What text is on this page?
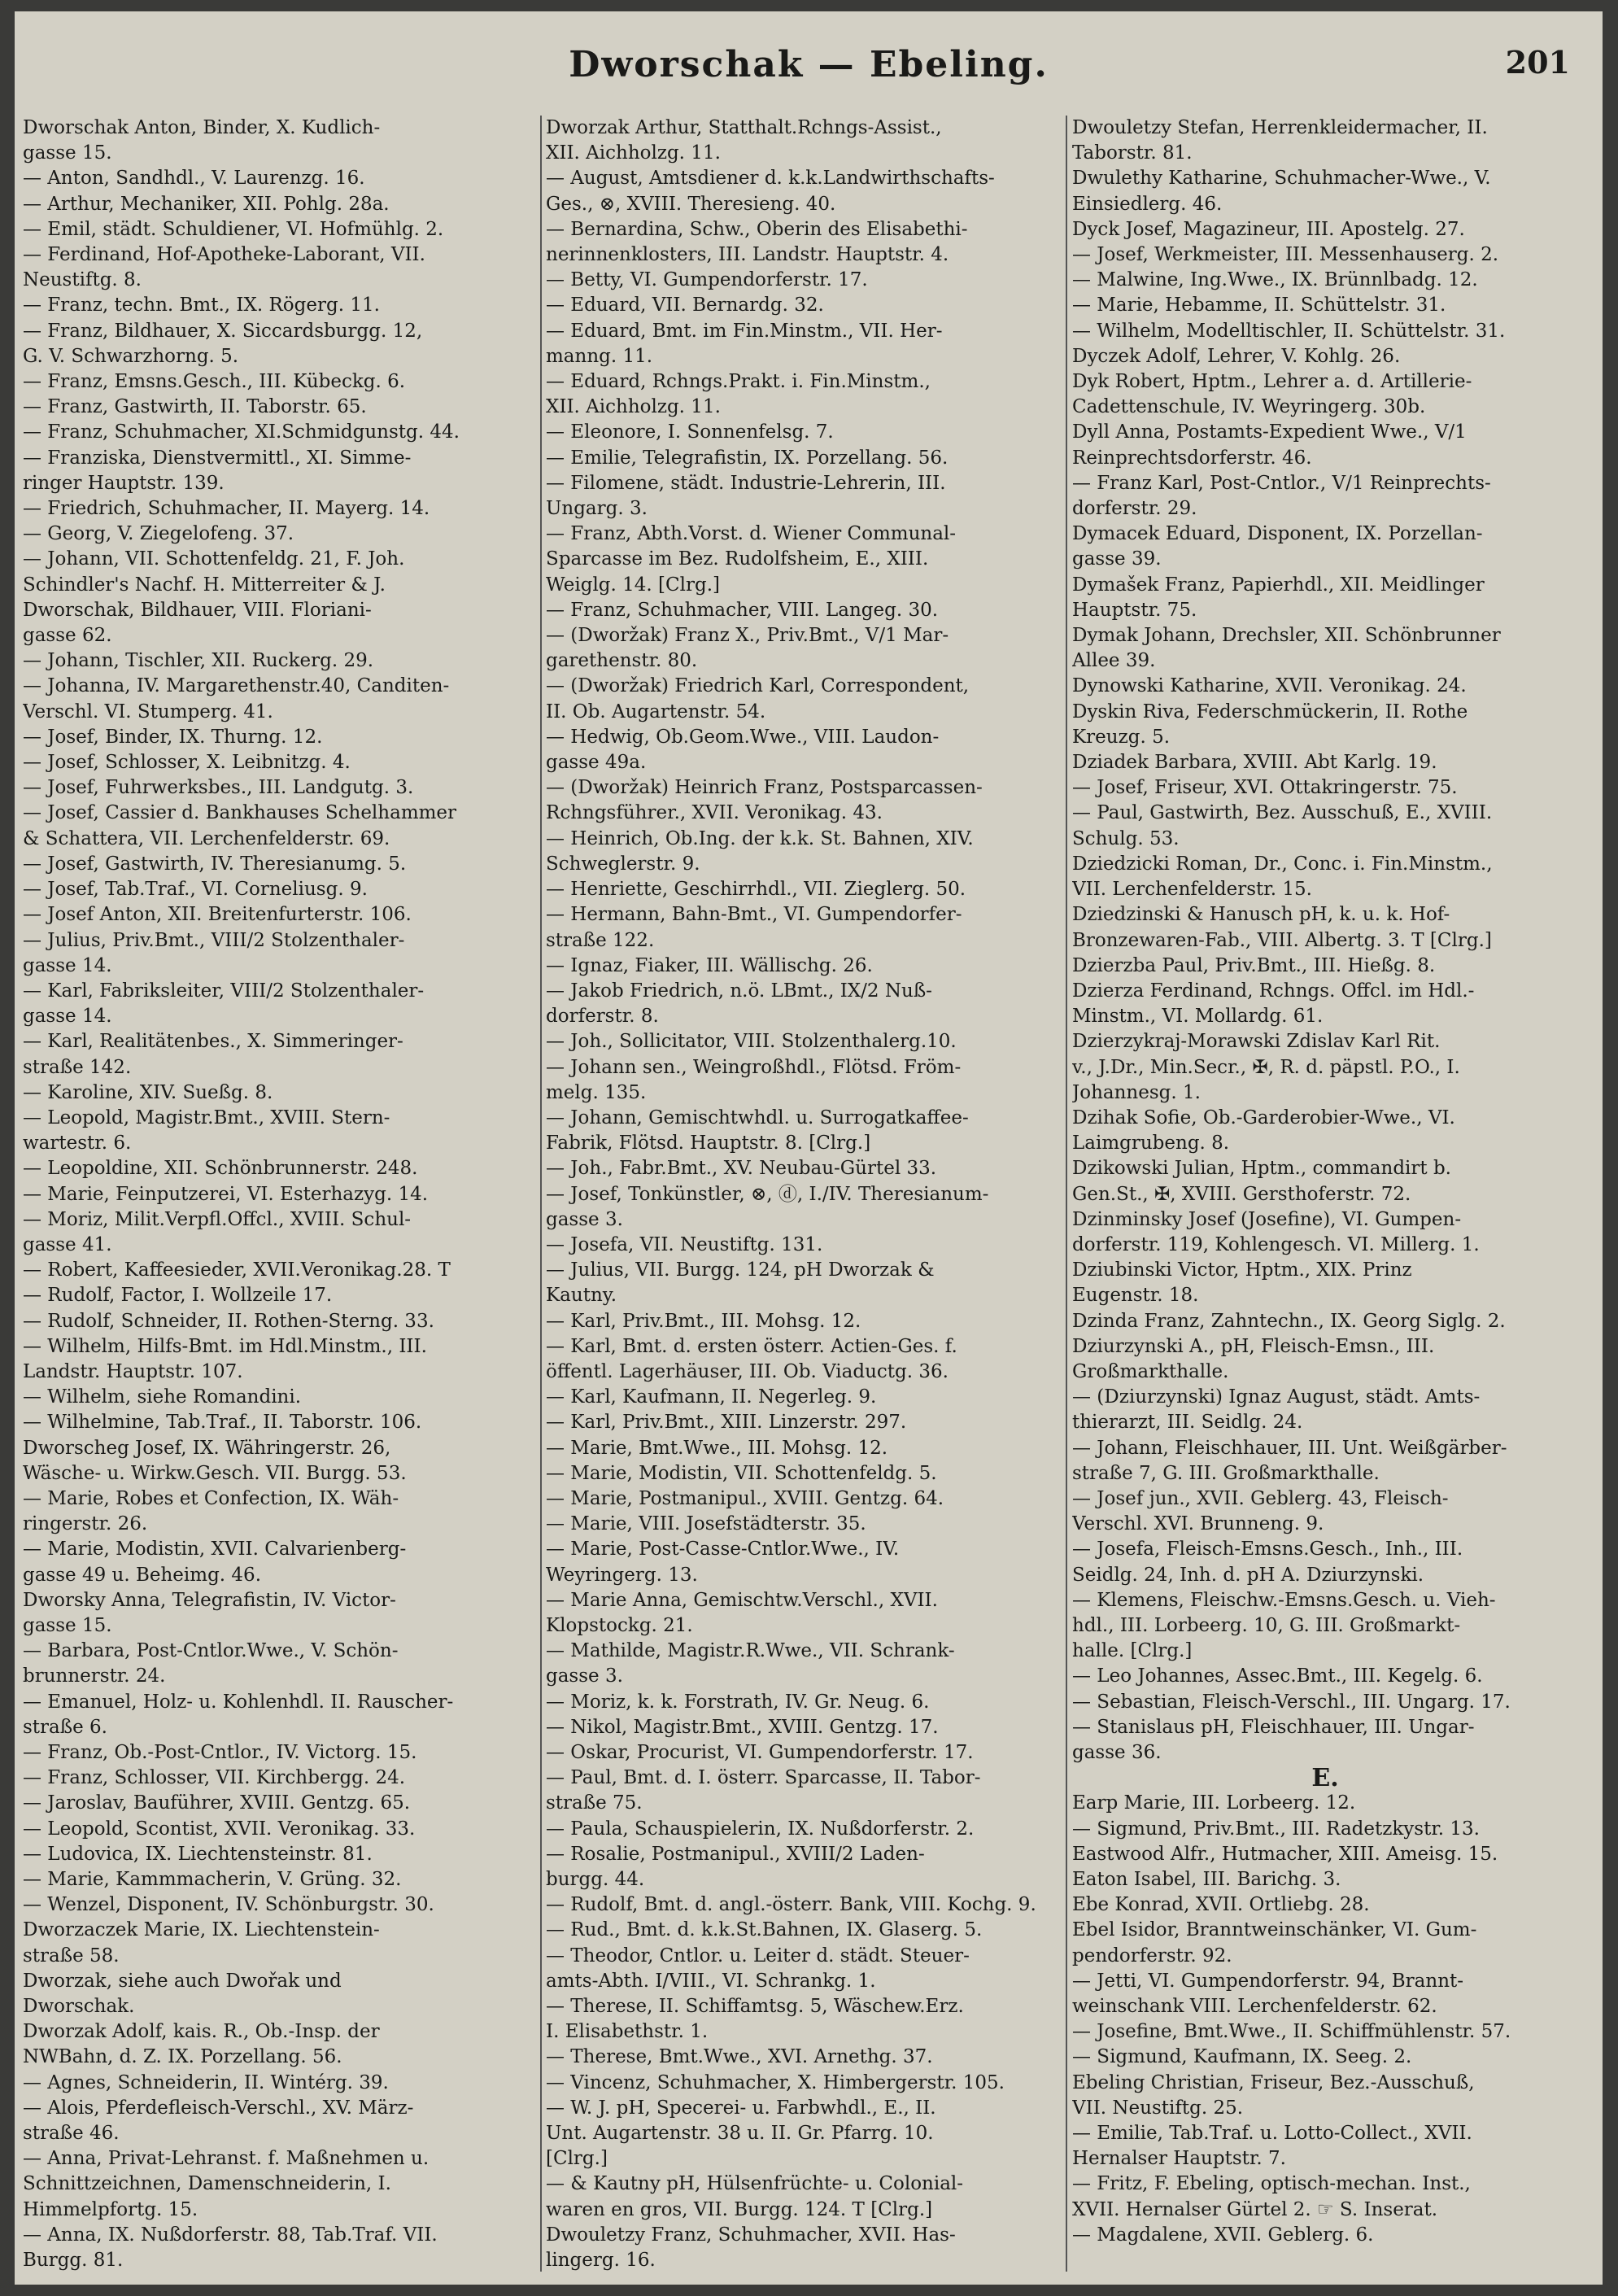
Dworschak — Ebeling.	201
Dworschak Anton, Binder, X. Kudlich-
gasse 15.
— Anton, Sandhdl., V. Laurenzg. 16.
— Arthur, Mechaniker, XII. Pohlg. 28a.
— Emil, städt. Schuldiener, VI. Hofmühlg. 2.
— Ferdinand, Hof-Apotheke-Laborant, VII.
Neustiftg. 8.
— Franz, techn. Bmt., IX. Rögerg. 11.
— Franz, Bildhauer, X. Siccardsburgg. 12,
G. V. Schwarzhorng. 5.
— Franz, Emsns.Gesch., III. Kübeckg. 6.
— Franz, Gastwirth, II. Taborstr. 65.
— Franz, Schuhmacher, XI.Schmidgunstg. 44.
— Franziska, Dienstvermittl., XI. Simme-
ringer Hauptstr. 139.
— Friedrich, Schuhmacher, II. Mayerg. 14.
— Georg, V. Ziegelofeng. 37.
— Johann, VII. Schottenfeldg. 21, F. Joh.
Schindler's Nachf. H. Mitterreiter & J.
Dworschak, Bildhauer, VIII. Floriani-
gasse 62.
— Johann, Tischler, XII. Ruckerg. 29.
— Johanna, IV. Margarethenstr.40, Canditen-
Verschl. VI. Stumperg. 41.
— Josef, Binder, IX. Thurng. 12.
— Josef, Schlosser, X. Leibnitzg. 4.
— Josef, Fuhrwerksbes., III. Landgutg. 3.
— Josef, Cassier d. Bankhauses Schelhammer
& Schattera, VII. Lerchenfelderstr. 69.
— Josef, Gastwirth, IV. Theresianumg. 5.
— Josef, Tab.Traf., VI. Corneliusg. 9.
— Josef Anton, XII. Breitenfurterstr. 106.
— Julius, Priv.Bmt., VIII/2 Stolzenthaler-
gasse 14.
— Karl, Fabriksleiter, VIII/2 Stolzenthaler-
gasse 14.
— Karl, Realitätenbes., X. Simmeringer-
straße 142.
— Karoline, XIV. Sueßg. 8.
— Leopold, Magistr.Bmt., XVIII. Stern-
wartestr. 6.
— Leopoldine, XII. Schönbrunnerstr. 248.
— Marie, Feinputzerei, VI. Esterhazyg. 14.
— Moriz, Milit.Verpfl.Offcl., XVIII. Schul-
gasse 41.
— Robert, Kaffeesieder, XVII.Veronikag.28. T
— Rudolf, Factor, I. Wollzeile 17.
— Rudolf, Schneider, II. Rothen-Sterng. 33.
— Wilhelm, Hilfs-Bmt. im Hdl.Minstm., III.
Landstr. Hauptstr. 107.
— Wilhelm, siehe Romandini.
— Wilhelmine, Tab.Traf., II. Taborstr. 106.
Dworscheg Josef, IX. Währingerstr. 26,
Wäsche- u. Wirkw.Gesch. VII. Burgg. 53.
— Marie, Robes et Confection, IX. Wäh-
ringerstr. 26.
— Marie, Modistin, XVII. Calvarienberg-
gasse 49 u. Beheimg. 46.
Dworsky Anna, Telegrafistin, IV. Victor-
gasse 15.
— Barbara, Post-Cntlor.Wwe., V. Schön-
brunnerstr. 24.
— Emanuel, Holz- u. Kohlenhdl. II. Rauscher-
straße 6.
— Franz, Ob.-Post-Cntlor., IV. Victorg. 15.
— Franz, Schlosser, VII. Kirchbergg. 24.
— Jaroslav, Bauführer, XVIII. Gentzg. 65.
— Leopold, Scontist, XVII. Veronikag. 33.
— Ludovica, IX. Liechtensteinstr. 81.
— Marie, Kammmacherin, V. Grüng. 32.
— Wenzel, Disponent, IV. Schönburgstr. 30.
Dworzaczek Marie, IX. Liechtenstein-
straße 58.
Dworzak, siehe auch Dwořak und
Dworschak.
Dworzak Adolf, kais. R., Ob.-Insp. der
NWBahn, d. Z. IX. Porzellang. 56.
— Agnes, Schneiderin, II. Wintérg. 39.
— Alois, Pferdefleisch-Verschl., XV. März-
straße 46.
— Anna, Privat-Lehranst. f. Maßnehmen u.
Schnittzeichnen, Damenschneiderin, I.
Himmelpfortg. 15.
— Anna, IX. Nußdorferstr. 88, Tab.Traf. VII.
Burgg. 81.
Dworzak Arthur, Statthalt.Rchngs-Assist.,
XII. Aichholzg. 11.
— August, Amtsdiener d. k.k.Landwirthschafts-
Ges., ⊗, XVIII. Theresieng. 40.
— Bernardina, Schw., Oberin des Elisabethi-
nerinnenklosters, III. Landstr. Hauptstr. 4.
— Betty, VI. Gumpendorferstr. 17.
— Eduard, VII. Bernardg. 32.
— Eduard, Bmt. im Fin.Minstm., VII. Her-
manng. 11.
— Eduard, Rchngs.Prakt. i. Fin.Minstm.,
XII. Aichholzg. 11.
— Eleonore, I. Sonnenfelsg. 7.
— Emilie, Telegrafistin, IX. Porzellang. 56.
— Filomene, städt. Industrie-Lehrerin, III.
Ungarg. 3.
— Franz, Abth.Vorst. d. Wiener Communal-
Sparcasse im Bez. Rudolfsheim, E., XIII.
Weiglg. 14. [Clrg.]
— Franz, Schuhmacher, VIII. Langeg. 30.
— (Dworžak) Franz X., Priv.Bmt., V/1 Mar-
garethenstr. 80.
— (Dworžak) Friedrich Karl, Correspondent,
II. Ob. Augartenstr. 54.
— Hedwig, Ob.Geom.Wwe., VIII. Laudon-
gasse 49a.
— (Dworžak) Heinrich Franz, Postsparcassen-
Rchngsführer., XVII. Veronikag. 43.
— Heinrich, Ob.Ing. der k.k. St. Bahnen, XIV.
Schweglerstr. 9.
— Henriette, Geschirrhdl., VII. Zieglerg. 50.
— Hermann, Bahn-Bmt., VI. Gumpendorfer-
straße 122.
— Ignaz, Fiaker, III. Wällischg. 26.
— Jakob Friedrich, n.ö. LBmt., IX/2 Nuß-
dorferstr. 8.
— Joh., Sollicitator, VIII. Stolzenthalerg.10.
— Johann sen., Weingroßhdl., Flötsd. Fröm-
melg. 135.
— Johann, Gemischtwhdl. u. Surrogatkaffee-
Fabrik, Flötsd. Hauptstr. 8. [Clrg.]
— Joh., Fabr.Bmt., XV. Neubau-Gürtel 33.
— Josef, Tonkünstler, ⊗, ⓓ, I./IV. Theresianum-
gasse 3.
— Josefa, VII. Neustiftg. 131.
— Julius, VII. Burgg. 124, pH Dworzak &
Kautny.
— Karl, Priv.Bmt., III. Mohsg. 12.
— Karl, Bmt. d. ersten österr. Actien-Ges. f.
öffentl. Lagerhäuser, III. Ob. Viaductg. 36.
— Karl, Kaufmann, II. Negerleg. 9.
— Karl, Priv.Bmt., XIII. Linzerstr. 297.
— Marie, Bmt.Wwe., III. Mohsg. 12.
— Marie, Modistin, VII. Schottenfeldg. 5.
— Marie, Postmanipul., XVIII. Gentzg. 64.
— Marie, VIII. Josefstädterstr. 35.
— Marie, Post-Casse-Cntlor.Wwe., IV.
Weyringerg. 13.
— Marie Anna, Gemischtw.Verschl., XVII.
Klopstockg. 21.
— Mathilde, Magistr.R.Wwe., VII. Schrank-
gasse 3.
— Moriz, k. k. Forstrath, IV. Gr. Neug. 6.
— Nikol, Magistr.Bmt., XVIII. Gentzg. 17.
— Oskar, Procurist, VI. Gumpendorferstr. 17.
— Paul, Bmt. d. I. österr. Sparcasse, II. Tabor-
straße 75.
— Paula, Schauspielerin, IX. Nußdorferstr. 2.
— Rosalie, Postmanipul., XVIII/2 Laden-
burgg. 44.
— Rudolf, Bmt. d. angl.-österr. Bank, VIII. Kochg. 9.
— Rud., Bmt. d. k.k.St.Bahnen, IX. Glaserg. 5.
— Theodor, Cntlor. u. Leiter d. städt. Steuer-
amts-Abth. I/VIII., VI. Schrankg. 1.
— Therese, II. Schiffamtsg. 5, Wäschew.Erz.
I. Elisabethstr. 1.
— Therese, Bmt.Wwe., XVI. Arnethg. 37.
— Vincenz, Schuhmacher, X. Himbergerstr. 105.
— W. J. pH, Specerei- u. Farbwhdl., E., II.
Unt. Augartenstr. 38 u. II. Gr. Pfarrg. 10.
[Clrg.]
— & Kautny pH, Hülsenfrüchte- u. Colonial-
waren en gros, VII. Burgg. 124. T [Clrg.]
Dwouletzy Franz, Schuhmacher, XVII. Has-
lingerg. 16.
Dwouletzy Stefan, Herrenkleidermacher, II.
Taborstr. 81.
Dwulethy Katharine, Schuhmacher-Wwe., V.
Einsiedlerg. 46.
Dyck Josef, Magazineur, III. Apostelg. 27.
— Josef, Werkmeister, III. Messenhauserg. 2.
— Malwine, Ing.Wwe., IX. Brünnlbadg. 12.
— Marie, Hebamme, II. Schüttelstr. 31.
— Wilhelm, Modelltischler, II. Schüttelstr. 31.
Dyczek Adolf, Lehrer, V. Kohlg. 26.
Dyk Robert, Hptm., Lehrer a. d. Artillerie-
Cadettenschule, IV. Weyringerg. 30b.
Dyll Anna, Postamts-Expedient Wwe., V/1
Reinprechtsdorferstr. 46.
— Franz Karl, Post-Cntlor., V/1 Reinprechts-
dorferstr. 29.
Dymacek Eduard, Disponent, IX. Porzellan-
gasse 39.
Dymašek Franz, Papierhdl., XII. Meidlinger
Hauptstr. 75.
Dymak Johann, Drechsler, XII. Schönbrunner
Allee 39.
Dynowski Katharine, XVII. Veronikag. 24.
Dyskin Riva, Federschmückerin, II. Rothe
Kreuzg. 5.
Dziadek Barbara, XVIII. Abt Karlg. 19.
— Josef, Friseur, XVI. Ottakringerstr. 75.
— Paul, Gastwirth, Bez. Ausschuß, E., XVIII.
Schulg. 53.
Dziedzicki Roman, Dr., Conc. i. Fin.Minstm.,
VII. Lerchenfelderstr. 15.
Dziedzinski & Hanusch pH, k. u. k. Hof-
Bronzewaren-Fab., VIII. Albertg. 3. T [Clrg.]
Dzierzba Paul, Priv.Bmt., III. Hießg. 8.
Dzierza Ferdinand, Rchngs. Offcl. im Hdl.-
Minstm., VI. Mollardg. 61.
Dzierzykraj-Morawski Zdislav Karl Rit.
v., J.Dr., Min.Secr., ✠, R. d. päpstl. P.O., I.
Johannesg. 1.
Dzihak Sofie, Ob.-Garderobier-Wwe., VI.
Laimgrubeng. 8.
Dzikowski Julian, Hptm., commandirt b.
Gen.St., ✠, XVIII. Gersthoferstr. 72.
Dzinminsky Josef (Josefine), VI. Gumpen-
dorferstr. 119, Kohlengesch. VI. Millerg. 1.
Dziubinski Victor, Hptm., XIX. Prinz
Eugenstr. 18.
Dzinda Franz, Zahntechn., IX. Georg Siglg. 2.
Dziurzynski A., pH, Fleisch-Emsn., III.
Großmarkthalle.
— (Dziurzynski) Ignaz August, städt. Amts-
thierarzt, III. Seidlg. 24.
— Johann, Fleischhauer, III. Unt. Weißgärber-
straße 7, G. III. Großmarkthalle.
— Josef jun., XVII. Geblerg. 43, Fleisch-
Verschl. XVI. Brunneng. 9.
— Josefa, Fleisch-Emsns.Gesch., Inh., III.
Seidlg. 24, Inh. d. pH A. Dziurzynski.
— Klemens, Fleischw.-Emsns.Gesch. u. Vieh-
hdl., III. Lorbeerg. 10, G. III. Großmarkt-
halle. [Clrg.]
— Leo Johannes, Assec.Bmt., III. Kegelg. 6.
— Sebastian, Fleisch-Verschl., III. Ungarg. 17.
— Stanislaus pH, Fleischhauer, III. Ungar-
gasse 36.
E.
Earp Marie, III. Lorbeerg. 12.
— Sigmund, Priv.Bmt., III. Radetzkystr. 13.
Eastwood Alfr., Hutmacher, XIII. Ameisg. 15.
Eaton Isabel, III. Barichg. 3.
Ebe Konrad, XVII. Ortliebg. 28.
Ebel Isidor, Branntweinschänker, VI. Gum-
pendorferstr. 92.
— Jetti, VI. Gumpendorferstr. 94, Brannt-
weinschank VIII. Lerchenfelderstr. 62.
— Josefine, Bmt.Wwe., II. Schiffmühlenstr. 57.
— Sigmund, Kaufmann, IX. Seeg. 2.
Ebeling Christian, Friseur, Bez.-Ausschuß,
VII. Neustiftg. 25.
— Emilie, Tab.Traf. u. Lotto-Collect., XVII.
Hernalser Hauptstr. 7.
— Fritz, F. Ebeling, optisch-mechan. Inst.,
XVII. Hernalser Gürtel 2. ☞ S. Inserat.
— Magdalene, XVII. Geblerg. 6.
